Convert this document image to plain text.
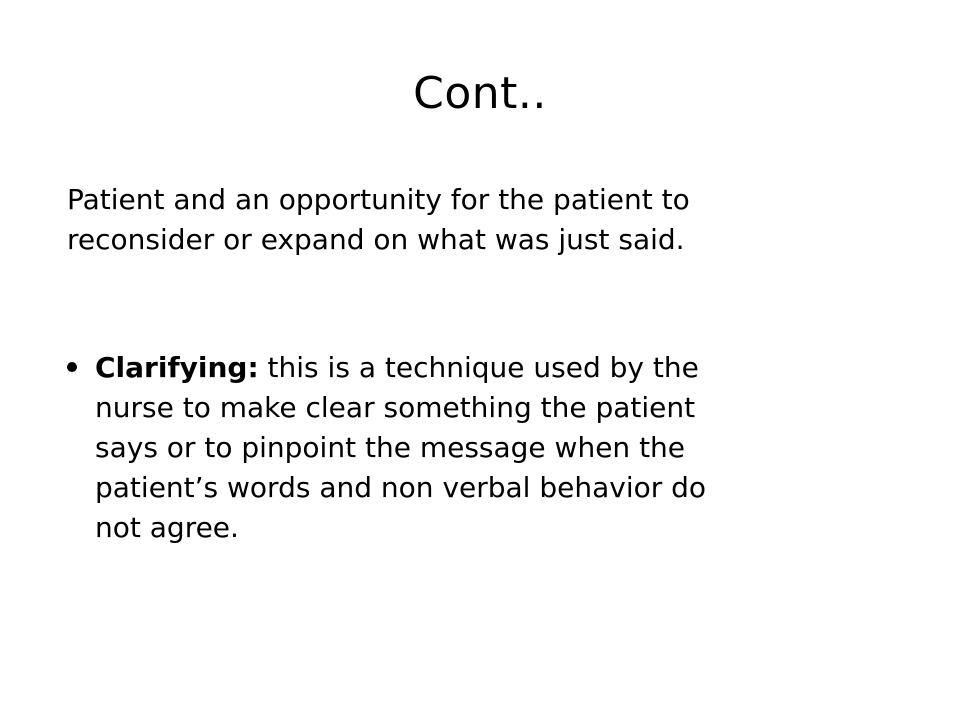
Cont..
Patient and an opportunity for the patient to
reconsider or expand on what was just said.
Clarifying: this is a technique used by the
nurse to make clear something the patient
says or to pinpoint the message when the
patient’s words and non verbal behavior do
not agree.
